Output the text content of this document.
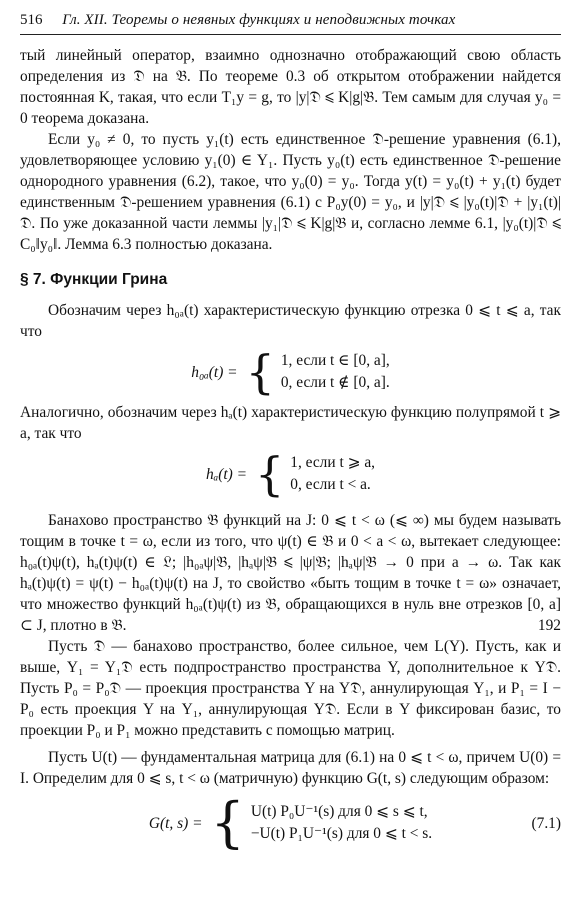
516 Гл. XII. Теоремы о неявных функциях и неподвижных точках

тый линейный оператор, взаимно однозначно отображающий свою область определения из 𝔇 на 𝔅. По теореме 0.3 об открытом отображении найдется постоянная K, такая, что если T₁y = g, то |y|𝔇 ⩽ K|g|𝔅. Тем самым для случая y₀ = 0 теорема доказана.

Если y₀ ≠ 0, то пусть y₁(t) есть единственное 𝔇-решение уравнения (6.1), удовлетворяющее условию y₁(0) ∈ Y₁. Пусть y₀(t) есть единственное 𝔇-решение однородного уравнения (6.2), такое, что y₀(0) = y₀. Тогда y(t) = y₀(t) + y₁(t) будет единственным 𝔇-решением уравнения (6.1) с P₀y(0) = y₀, и |y|𝔇 ⩽ |y₀(t)|𝔇 + |y₁(t)|𝔇. По уже доказанной части леммы |y₁|𝔇 ⩽ K|g|𝔅 и, согласно лемме 6.1, |y₀(t)|𝔇 ⩽ C₀‖y₀‖. Лемма 6.3 полностью доказана.

§ 7. Функции Грина

Обозначим через h₀ₐ(t) характеристическую функцию отрезка 0 ⩽ t ⩽ a, так что

h₀ₐ(t) = { 1, если t ∈ [0, a],
0, если t ∉ [0, a].

Аналогично, обозначим через hₐ(t) характеристическую функцию полупрямой t ⩾ a, так что

hₐ(t) = { 1, если t ⩾ a,
0, если t < a.

Банахово пространство 𝔅 функций на J: 0 ⩽ t < ω (⩽ ∞) мы будем называть тощим в точке t = ω, если из того, что ψ(t) ∈ 𝔅 и 0 < a < ω, вытекает следующее: h₀ₐ(t)ψ(t), hₐ(t)ψ(t) ∈ 𝔏; |h₀ₐψ|𝔅, |hₐψ|𝔅 ⩽ |ψ|𝔅; |hₐψ|𝔅 → 0 при a → ω. Так как hₐ(t)ψ(t) = ψ(t) − h₀ₐ(t)ψ(t) на J, то свойство «быть тощим в точке t = ω» означает, что множество функций h₀ₐ(t)ψ(t) из 𝔅, обращающихся в нуль вне отрезков [0, a] ⊂ J, плотно в 𝔅.	192

Пусть 𝔇 — банахово пространство, более сильное, чем L(Y). Пусть, как и выше, Y₁ = Y₁𝔇 есть подпространство пространства Y, дополнительное к Y𝔇. Пусть P₀ = P₀𝔇 — проекция пространства Y на Y𝔇, аннулирующая Y₁, и P₁ = I − P₀ есть проекция Y на Y₁, аннулирующая Y𝔇. Если в Y фиксирован базис, то проекции P₀ и P₁ можно представить с помощью матриц.

Пусть U(t) — фундаментальная матрица для (6.1) на 0 ⩽ t < ω, причем U(0) = I. Определим для 0 ⩽ s, t < ω (матричную) функцию G(t, s) следующим образом:

G(t, s) = { U(t) P₀U⁻¹(s) для 0 ⩽ s ⩽ t,
−U(t) P₁U⁻¹(s) для 0 ⩽ t < s.
(7.1)
